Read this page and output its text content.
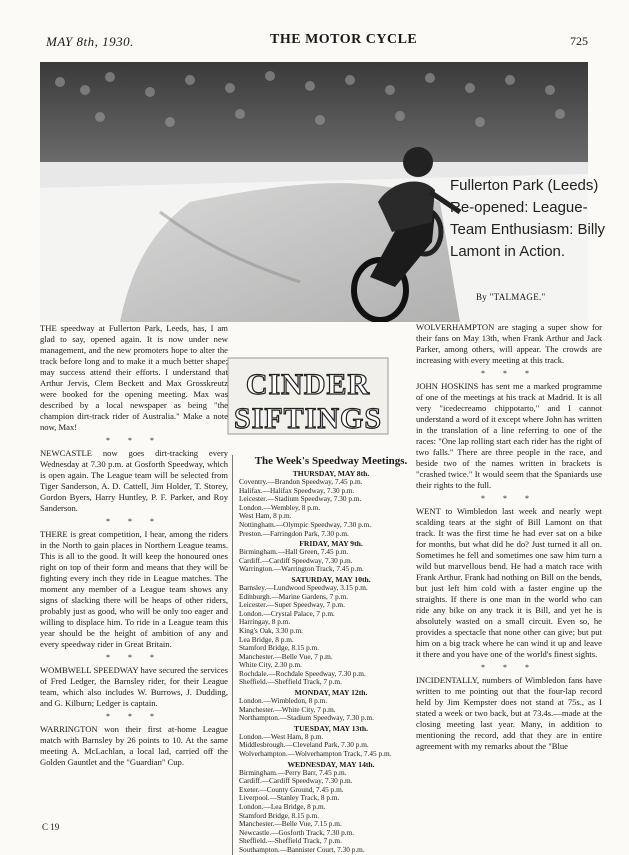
MAY 8th, 1930.	THE MOTOR CYCLE	725
Fullerton Park (Leeds) Re-opened: League-Team Enthusiasm: Billy Lamont in Action.
By "TALMAGE."
CINDER
SIFTINGS

THE speedway at Fullerton Park, Leeds, has, I am glad to say, opened again. It is now under new management, and the new promoters hope to alter the track before long and to make it a much better shape; may success attend their efforts. I understand that Arthur Jervis, Clem Beckett and Max Grosskreutz were booked for the opening meeting. Max was described by a local newspaper as being "the champion dirt-track rider of Australia." Make a note now, Max!

* * *

NEWCASTLE now goes dirt-tracking every Wednesday at 7.30 p.m. at Gosforth Speedway, which is open again. The League team will be selected from Tiger Sanderson, A. D. Cattell, Jim Holder, T. Storey, Gordon Byers, Harry Huntley, P. F. Parker, and Roy Sanderson.

* * *

THERE is great competition, I hear, among the riders in the North to gain places in Northern League teams. This is all to the good. It will keep the honoured ones right on top of their form and means that they will be fighting every inch they ride in League matches. The moment any member of a League team shows any signs of slacking there will be heaps of other riders, probably just as good, who will be only too eager and willing to displace him. To ride in a League team this year should be the height of ambition of any and every speedway rider in Great Britain.

* * *

WOMBWELL SPEEDWAY have secured the services of Fred Ledger, the Barnsley rider, for their League team, which also includes W. Burrows, J. Dudding, and G. Kilburn; Ledger is captain.

* * *

WARRINGTON won their first at-home League match with Barnsley by 26 points to 10. At the same meeting A. McLachlan, a local lad, carried off the Golden Gauntlet and the "Guardian" Cup.

The Week's Speedway Meetings.
THURSDAY, MAY 8th.
Coventry.—Brandon Speedway, 7.45 p.m.
Halifax.—Halifax Speedway, 7.30 p.m.
Leicester.—Stadium Speedway, 7.30 p.m.
London.—Wembley, 8 p.m.
West Ham, 8 p.m.
Nottingham.—Olympic Speedway, 7.30 p.m.
Preston.—Farringdon Park, 7.30 p.m.
FRIDAY, MAY 9th.
Birmingham.—Hall Green, 7.45 p.m.
Cardiff.—Cardiff Speedway, 7.30 p.m.
Warrington.—Warrington Track, 7.45 p.m.
SATURDAY, MAY 10th.
Barnsley.—Lundwood Speedway, 3.15 p.m.
Edinburgh.—Marine Gardens, 7 p.m.
Leicester.—Super Speedway, 7 p.m.
London.—Crystal Palace, 7 p.m.
Harringay, 8 p.m.
King's Oak, 3.30 p.m.
Lea Bridge, 8 p.m.
Stamford Bridge, 8.15 p.m.
Manchester.—Belle Vue, 7 p.m.
White City, 2.30 p.m.
Rochdale.—Rochdale Speedway, 7.30 p.m.
Sheffield.—Sheffield Track, 7 p.m.
MONDAY, MAY 12th.
London.—Wimbledon, 8 p.m.
Manchester.—White City, 7 p.m.
Northampton.—Stadium Speedway, 7.30 p.m.
TUESDAY, MAY 13th.
London.—West Ham, 8 p.m.
Middlesbrough.—Cleveland Park, 7.30 p.m.
Wolverhampton.—Wolverhampton Track, 7.45 p.m.
WEDNESDAY, MAY 14th.
Birmingham.—Perry Barr, 7.45 p.m.
Cardiff.—Cardiff Speedway, 7.30 p.m.
Exeter.—County Ground, 7.45 p.m.
Liverpool.—Stanley Track, 8 p.m.
London.—Lea Bridge, 8 p.m.
Stamford Bridge, 8.15 p.m.
Manchester.—Belle Vue, 7.15 p.m.
Newcastle.—Gosforth Track, 7.30 p.m.
Sheffield.—Sheffield Track, 7 p.m.
Southampton.—Bannister Court, 7.30 p.m.

WOLVERHAMPTON are staging a super show for their fans on May 13th, when Frank Arthur and Jack Parker, among others, will appear. The crowds are increasing with every meeting at this track.

* * *

JOHN HOSKINS has sent me a marked programme of one of the meetings at his track at Madrid. It is all very "icedecreamo chippotarto," and I cannot understand a word of it except where John has written in the translation of a line referring to one of the races: "One lap rolling start each rider has the right of two falls." There are three people in the race, and beside two of the names written in brackets is "crashed twice." It would seem that the Spaniards use their rights to the full.

* * *

WENT to Wimbledon last week and nearly wept scalding tears at the sight of Bill Lamont on that track. It was the first time he had ever sat on a bike for months, but what did he do? Just turned it all on. Sometimes he fell and sometimes one saw him turn a wild but marvellous bend. He had a match race with Frank Arthur. Frank had nothing on Bill on the bends, but just left him cold with a faster engine up the straights. If there is one man in the world who can ride any bike on any track it is Bill, and yet he is absolutely wasted on a small circuit. Even so, he provides a spectacle that none other can give; but put him on a big track where he can wind it up and leave it there and you have one of the world's finest sights.

* * *

INCIDENTALLY, numbers of Wimbledon fans have written to me pointing out that the four-lap record held by Jim Kempster does not stand at 75s., as I stated a week or two back, but at 73.4s.—made at the closing meeting last year. Many, in addition to mentioning the record, add that they are in entire agreement with my remarks about the "Blue

C 19
